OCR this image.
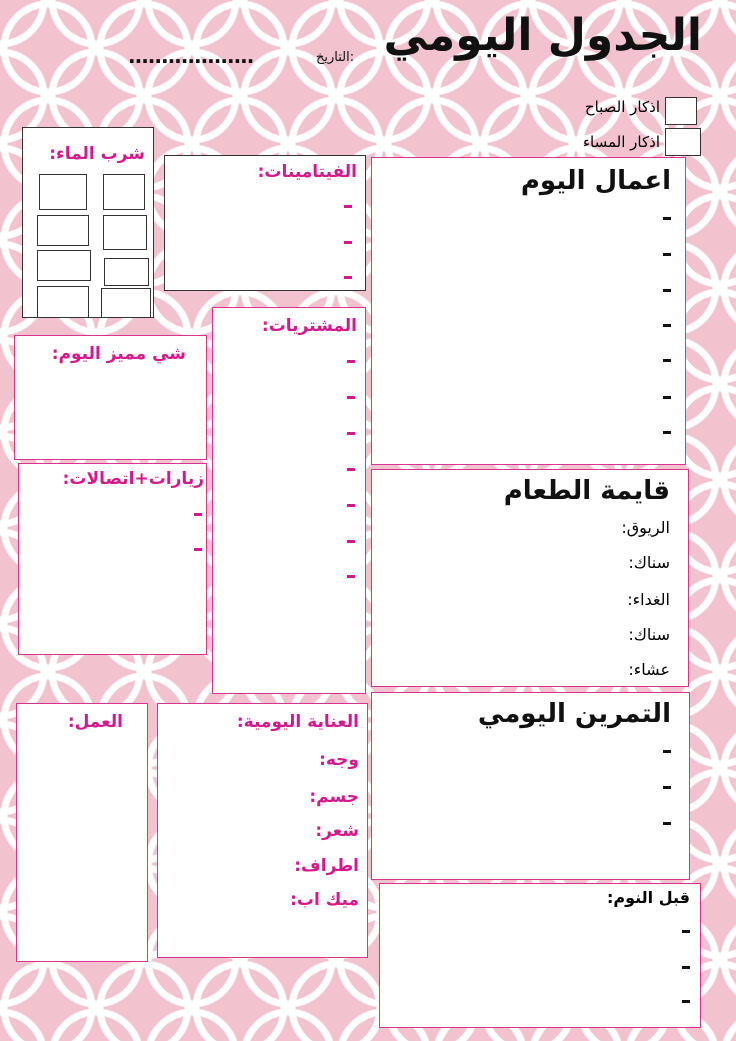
الجدول اليومي
التاريخ:
...................
اذكار الصباح
اذكار المساء
شرب الماء:
الفيتامينات:	اعمال اليوم
المشتريات:
شي مميز اليوم:
زيارات+اتصالات:	قايمة الطعام
الريوق:
سناك:
الغداء:
سناك:
عشاء:
التمرين اليومي
العمل:	العناية اليومية:
وجه:
جسم:
شعر:
اطراف:
ميك اب:	قبل النوم:
